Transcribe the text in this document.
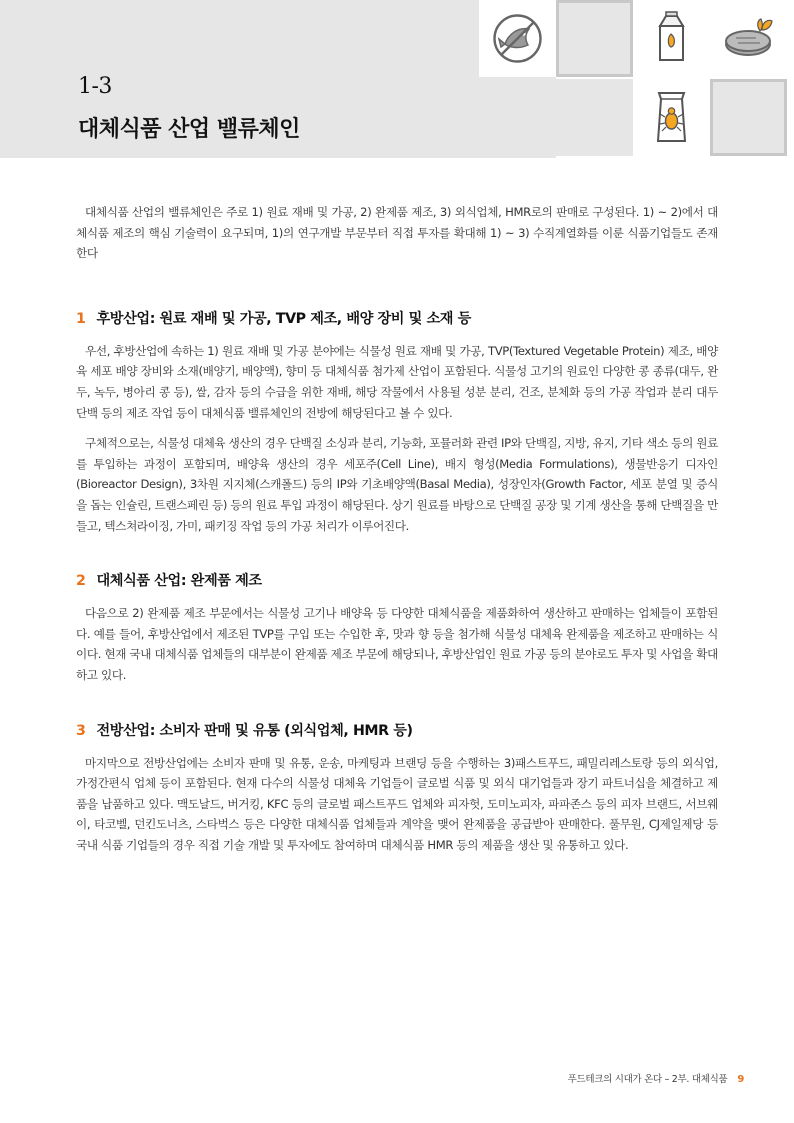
1-3
대체식품 산업 밸류체인

대체식품 산업의 밸류체인은 주로 1) 원료 재배 및 가공, 2) 완제품 제조, 3) 외식업체, HMR로의 판매로 구성된다. 1) ~ 2)에서 대체식품 제조의 핵심 기술력이 요구되며, 1)의 연구개발 부문부터 직접 투자를 확대해 1) ~ 3) 수직계열화를 이룬 식품기업들도 존재한다

1 후방산업: 원료 재배 및 가공, TVP 제조, 배양 장비 및 소재 등

우선, 후방산업에 속하는 1) 원료 재배 및 가공 분야에는 식물성 원료 재배 및 가공, TVP(Textured Vegetable Protein) 제조, 배양육 세포 배양 장비와 소재(배양기, 배양액), 향미 등 대체식품 첨가제 산업이 포함된다. 식물성 고기의 원료인 다양한 콩 종류(대두, 완두, 녹두, 병아리 콩 등), 쌀, 감자 등의 수급을 위한 재배, 해당 작물에서 사용될 성분 분리, 건조, 분체화 등의 가공 작업과 분리 대두 단백 등의 제조 작업 등이 대체식품 밸류체인의 전방에 해당된다고 볼 수 있다.

구체적으로는, 식물성 대체육 생산의 경우 단백질 소싱과 분리, 기능화, 포뮬러화 관련 IP와 단백질, 지방, 유지, 기타 색소 등의 원료를 투입하는 과정이 포함되며, 배양육 생산의 경우 세포주(Cell Line), 배지 형성(Media Formulations), 생물반응기 디자인(Bioreactor Design), 3차원 지지체(스캐폴드) 등의 IP와 기초배양액(Basal Media), 성장인자(Growth Factor, 세포 분열 및 증식을 돕는 인슐린, 트랜스페린 등) 등의 원료 투입 과정이 해당된다. 상기 원료를 바탕으로 단백질 공장 및 기계 생산을 통해 단백질을 만들고, 텍스쳐라이징, 가미, 패키징 작업 등의 가공 처리가 이루어진다.

2 대체식품 산업: 완제품 제조

다음으로 2) 완제품 제조 부문에서는 식물성 고기나 배양육 등 다양한 대체식품을 제품화하여 생산하고 판매하는 업체들이 포함된다. 예를 들어, 후방산업에서 제조된 TVP를 구입 또는 수입한 후, 맛과 향 등을 첨가해 식물성 대체육 완제품을 제조하고 판매하는 식이다. 현재 국내 대체식품 업체들의 대부분이 완제품 제조 부문에 해당되나, 후방산업인 원료 가공 등의 분야로도 투자 및 사업을 확대하고 있다.

3 전방산업: 소비자 판매 및 유통 (외식업체, HMR 등)

마지막으로 전방산업에는 소비자 판매 및 유통, 운송, 마케팅과 브랜딩 등을 수행하는 3)패스트푸드, 패밀리레스토랑 등의 외식업, 가정간편식 업체 등이 포함된다. 현재 다수의 식물성 대체육 기업들이 글로벌 식품 및 외식 대기업들과 장기 파트너십을 체결하고 제품을 납품하고 있다. 맥도날드, 버거킹, KFC 등의 글로벌 패스트푸드 업체와 피자헛, 도미노피자, 파파존스 등의 피자 브랜드, 서브웨이, 타코벨, 던킨도너츠, 스타벅스 등은 다양한 대체식품 업체들과 계약을 맺어 완제품을 공급받아 판매한다. 풀무원, CJ제일제당 등 국내 식품 기업들의 경우 직접 기술 개발 및 투자에도 참여하며 대체식품 HMR 등의 제품을 생산 및 유통하고 있다.

푸드테크의 시대가 온다 – 2부. 대체식품 9
